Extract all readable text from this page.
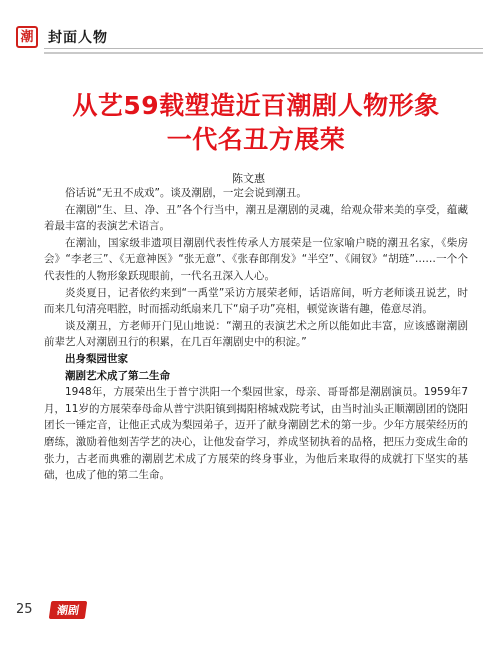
潮 封面人物
从艺59载塑造近百潮剧人物形象
一代名丑方展荣
陈文惠

俗话说“无丑不成戏”。谈及潮剧，一定会说到潮丑。

在潮剧“生、旦、净、丑”各个行当中，潮丑是潮剧的灵魂，给观众带来美的享受，蕴藏着最丰富的表演艺术语言。

在潮汕，国家级非遗项目潮剧代表性传承人方展荣是一位家喻户晓的潮丑名家，《柴房会》“李老三”、《无意神医》“张无意”、《张春郎削发》“半空”、《闹钗》“胡琏”……一个个代表性的人物形象跃现眼前，一代名丑深入人心。

炎炎夏日，记者依约来到“一禹堂”采访方展荣老师，话语席间，听方老师谈丑说艺，时而来几句清亮唱腔，时而摇动纸扇来几下“扇子功”亮相，顿觉诙谐有趣，倦意尽消。

谈及潮丑，方老师开门见山地说：“潮丑的表演艺术之所以能如此丰富，应该感谢潮剧前辈艺人对潮剧丑行的积累，在几百年潮剧史中的积淀。”

出身梨园世家

潮剧艺术成了第二生命

1948年，方展荣出生于普宁洪阳一个梨园世家，母亲、哥哥都是潮剧演员。1959年7月，11岁的方展荣奉母命从普宁洪阳镇到揭阳榕城戏院考试，由当时汕头正顺潮剧团的饶阳团长一锤定音，让他正式成为梨园弟子，迈开了献身潮剧艺术的第一步。少年方展荣经历的磨练，激励着他刻苦学艺的决心，让他发奋学习，养成坚韧执着的品格，把压力变成生命的张力，古老而典雅的潮剧艺术成了方展荣的终身事业，为他后来取得的成就打下坚实的基础，也成了他的第二生命。

25 潮剧
